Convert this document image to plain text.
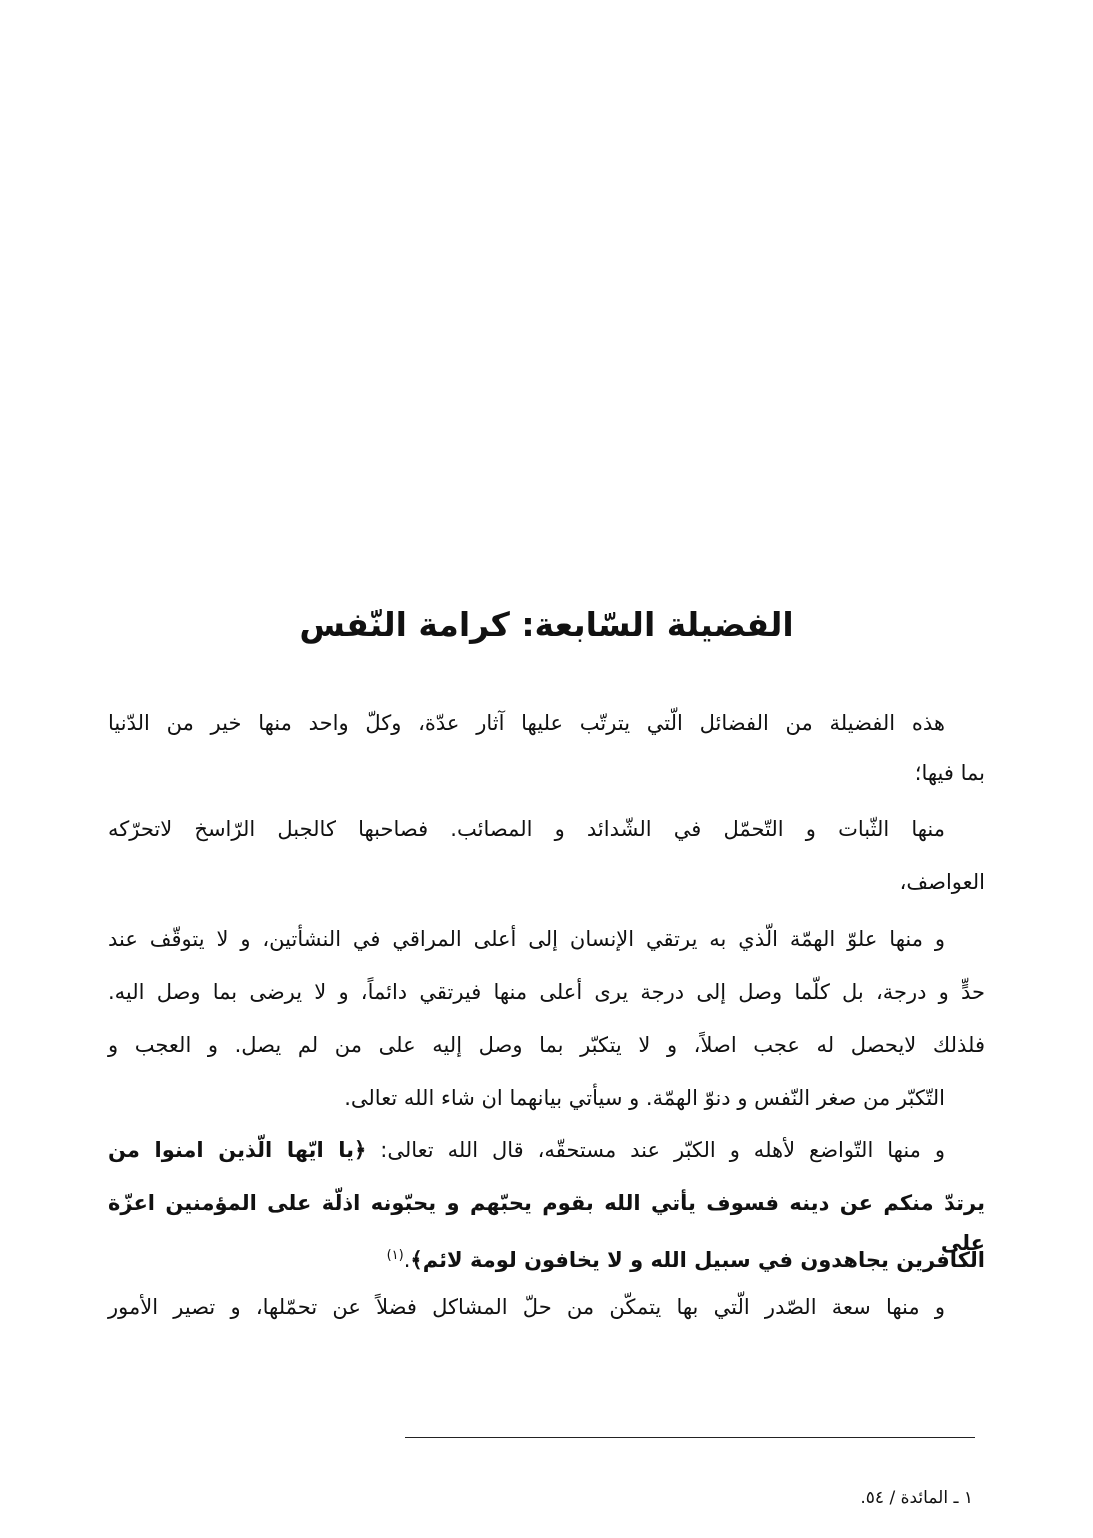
الفضيلة السّابعة: كرامة النّفس
هذه الفضيلة من الفضائل الّتي يترتّب عليها آثار عدّة، وكلّ واحد منها خير من الدّنيا
بما فيها؛
منها الثّبات و التّحمّل في الشّدائد و المصائب. فصاحبها كالجبل الرّاسخ لاتحرّكه
العواصف،
و منها علوّ الهمّة الّذي به يرتقي الإنسان إلى أعلى المراقي في النشأتين، و لا يتوقّف عند
حدٍّ و درجة، بل كلّما وصل إلى درجة يرى أعلى منها فيرتقي دائماً، و لا يرضى بما وصل اليه.
فلذلك لايحصل له عجب اصلاً، و لا يتكبّر بما وصل إليه على من لم يصل. و العجب و
التّكبّر من صغر النّفس و دنوّ الهمّة. و سيأتي بيانهما ان شاء الله تعالى.
و منها التّواضع لأهله و الكبّر عند مستحقّه، قال الله تعالى: ﴿يا ايّها الّذين امنوا من
يرتدّ منكم عن دينه فسوف يأتي الله بقوم يحبّهم و يحبّونه اذلّة على المؤمنين اعزّة على
الكافرين يجاهدون في سبيل الله و لا يخافون لومة لائم﴾.$^{(١)}$
و منها سعة الصّدر الّتي بها يتمكّن من حلّ المشاكل فضلاً عن تحمّلها، و تصير الأمور
١ ـ المائدة / ٥٤.
